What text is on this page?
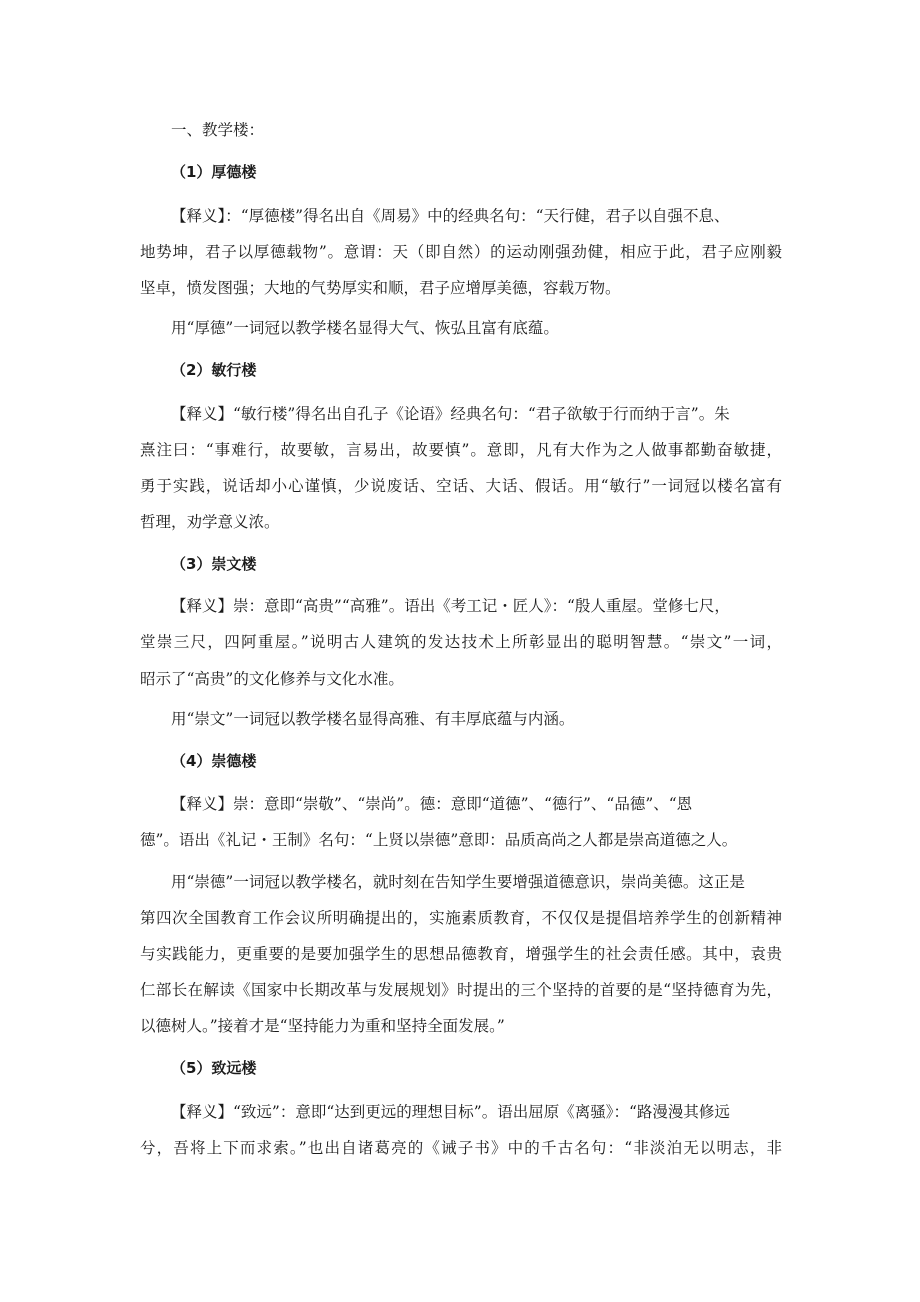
一、教学楼：
（1）厚德楼
【释义】：“厚德楼”得名出自《周易》中的经典名句：“天行健，君子以自强不息、
地势坤，君子以厚德载物”。意谓：天（即自然）的运动刚强劲健，相应于此，君子应刚毅
坚卓，愤发图强；大地的气势厚实和顺，君子应增厚美德，容载万物。
用“厚德”一词冠以教学楼名显得大气、恢弘且富有底蕴。
（2）敏行楼
【释义】“敏行楼”得名出自孔子《论语》经典名句：“君子欲敏于行而纳于言”。朱
熹注曰：“事难行，故要敏，言易出，故要慎”。意即，凡有大作为之人做事都勤奋敏捷，
勇于实践，说话却小心谨慎，少说废话、空话、大话、假话。用“敏行”一词冠以楼名富有
哲理，劝学意义浓。
（3）崇文楼
【释义】崇：意即“高贵”“高雅”。语出《考工记・匠人》：“殷人重屋。堂修七尺，
堂崇三尺，四阿重屋。”说明古人建筑的发达技术上所彰显出的聪明智慧。“崇文”一词，
昭示了“高贵”的文化修养与文化水准。
用“崇文”一词冠以教学楼名显得高雅、有丰厚底蕴与内涵。
（4）崇德楼
【释义】崇：意即“崇敬”、“崇尚”。德：意即“道德”、“德行”、“品德”、“恩
德”。语出《礼记・王制》名句：“上贤以崇德”意即：品质高尚之人都是崇高道德之人。
用“崇德”一词冠以教学楼名，就时刻在告知学生要增强道德意识，崇尚美德。这正是
第四次全国教育工作会议所明确提出的，实施素质教育，不仅仅是提倡培养学生的创新精神
与实践能力，更重要的是要加强学生的思想品德教育，增强学生的社会责任感。其中，袁贵
仁部长在解读《国家中长期改革与发展规划》时提出的三个坚持的首要的是“坚持德育为先，
以德树人。”接着才是“坚持能力为重和坚持全面发展。”
（5）致远楼
【释义】“致远”：意即“达到更远的理想目标”。语出屈原《离骚》：“路漫漫其修远
兮，吾将上下而求索。”也出自诸葛亮的《诫子书》中的千古名句：“非淡泊无以明志，非
